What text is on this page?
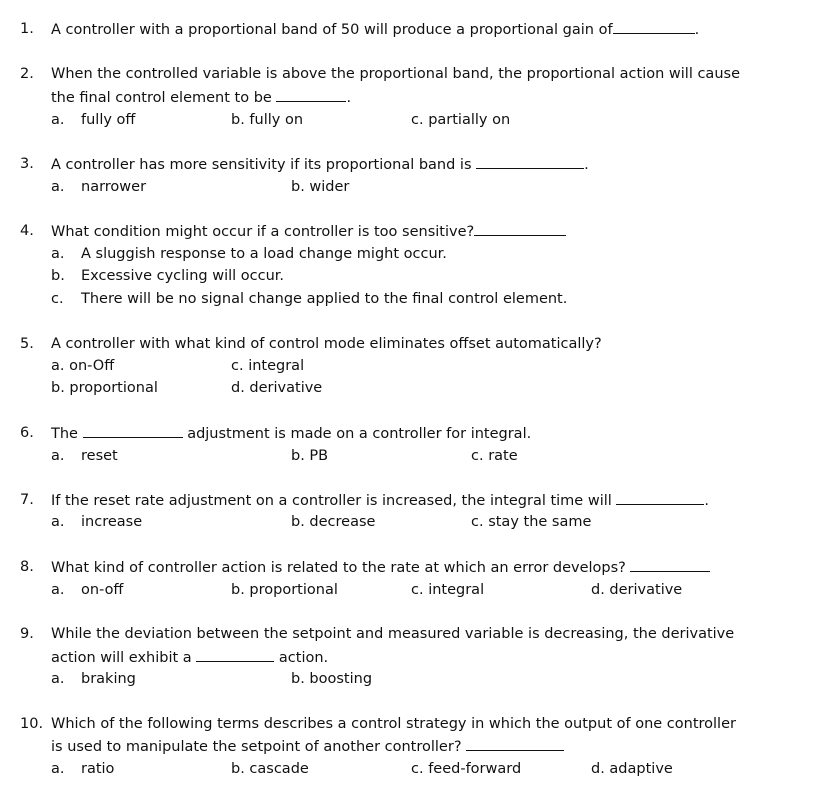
1. A controller with a proportional band of 50 will produce a proportional gain of	.
2. When the controlled variable is above the proportional band, the proportional action will cause
the final control element to be	.
a. fully off	b. fully on	c. partially on
3. A controller has more sensitivity if its proportional band is	.
a. narrower	b. wider
4. What condition might occur if a controller is too sensitive?
a. A sluggish response to a load change might occur.
b. Excessive cycling will occur.
c. There will be no signal change applied to the final control element.
5. A controller with what kind of control mode eliminates offset automatically?
a. on-Off	c. integral
b. proportional	d. derivative
6. The	adjustment is made on a controller for integral.
a. reset	b. PB	c. rate
7. If the reset rate adjustment on a controller is increased, the integral time will	.
a. increase	b. decrease	c. stay the same
8. What kind of controller action is related to the rate at which an error develops?
a. on-off	b. proportional	c. integral	d. derivative
9. While the deviation between the setpoint and measured variable is decreasing, the derivative
action will exhibit a	action.
a. braking	b. boosting
10. Which of the following terms describes a control strategy in which the output of one controller
is used to manipulate the setpoint of another controller?
a. ratio	b. cascade	c. feed-forward	d. adaptive
